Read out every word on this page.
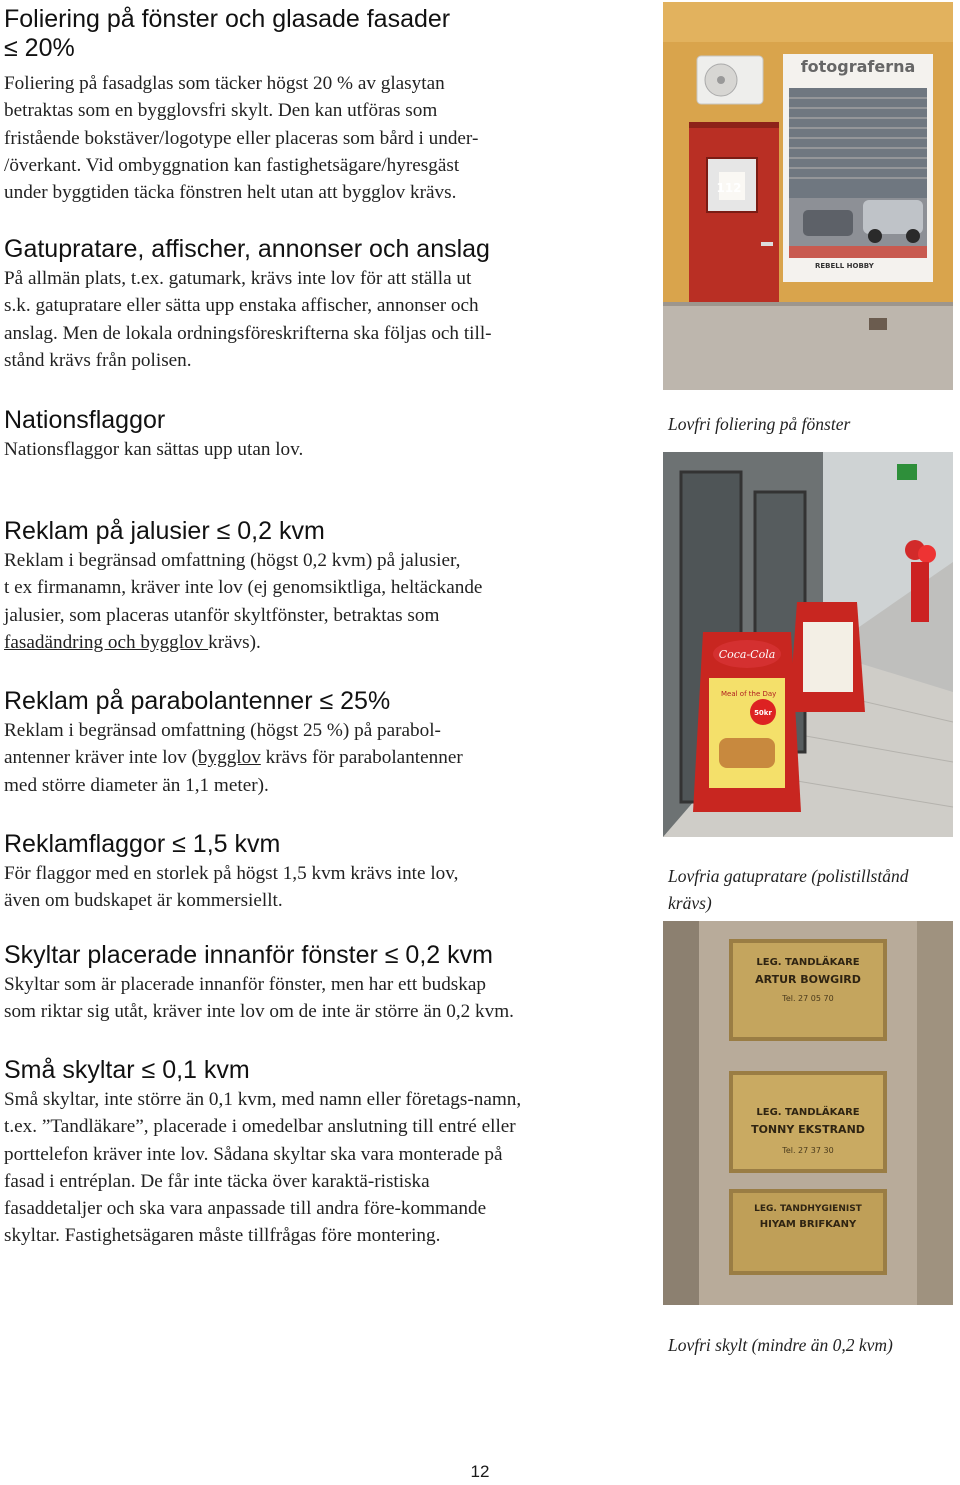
Foliering på fönster och glasade fasader
≤ 20%
Foliering på fasadglas som täcker högst 20 % av glasytan
betraktas som en bygglovsfri skylt. Den kan utföras som
fristående bokstäver/logotype eller placeras som bård i under-
/överkant. Vid ombyggnation kan fastighetsägare/hyresgäst
under byggtiden täcka fönstren helt utan att bygglov krävs.
Gatupratare, affischer, annonser och anslag
På allmän plats, t.ex. gatumark, krävs inte lov för att ställa ut
s.k. gatupratare eller sätta upp enstaka affischer, annonser och
anslag. Men de lokala ordningsföreskrifterna ska följas och till-
stånd krävs från polisen.
Nationsflaggor
Nationsflaggor kan sättas upp utan lov.
Reklam på jalusier ≤ 0,2 kvm
Reklam i begränsad omfattning (högst 0,2 kvm) på jalusier,
t ex firmanamn, kräver inte lov (ej genomsiktliga, heltäckande
jalusier, som placeras utanför skyltfönster, betraktas som
fasadändring och bygglov krävs).
Reklam på parabolantenner ≤ 25%
Reklam i begränsad omfattning (högst 25 %) på parabol-
antenner kräver inte lov (bygglov krävs för parabolantenner
med större diameter än 1,1 meter).
Reklamflaggor ≤ 1,5 kvm
För flaggor med en storlek på högst 1,5 kvm krävs inte lov,
även om budskapet är kommersiellt.
Skyltar placerade innanför fönster ≤ 0,2 kvm
Skyltar som är placerade innanför fönster, men har ett budskap
som riktar sig utåt, kräver inte lov om de inte är större än 0,2 kvm.
Små skyltar ≤ 0,1 kvm
Små skyltar, inte större än 0,1 kvm, med namn eller företags-namn,
t.ex. ”Tandläkare”, placerade i omedelbar anslutning till entré eller
porttelefon kräver inte lov. Sådana skyltar ska vara monterade på
fasad i entréplan. De får inte täcka över karaktä-ristiska
fasaddetaljer och ska vara anpassade till andra före-kommande
skyltar. Fastighetsägaren måste tillfrågas före montering.
fotograferna
REBELL HOBBY
112
Lovfri foliering på fönster
Coca-Cola
Meal of the Day
50kr
Lovfria gatupratare (polistillstånd
krävs)
LEG. TANDLÄKARE
ARTUR BOWGIRD
Tel. 27 05 70
LEG. TANDLÄKARE
TONNY EKSTRAND
Tel. 27 37 30
LEG. TANDHYGIENIST
HIYAM BRIFKANY
Lovfri skylt (mindre än 0,2 kvm)
12
